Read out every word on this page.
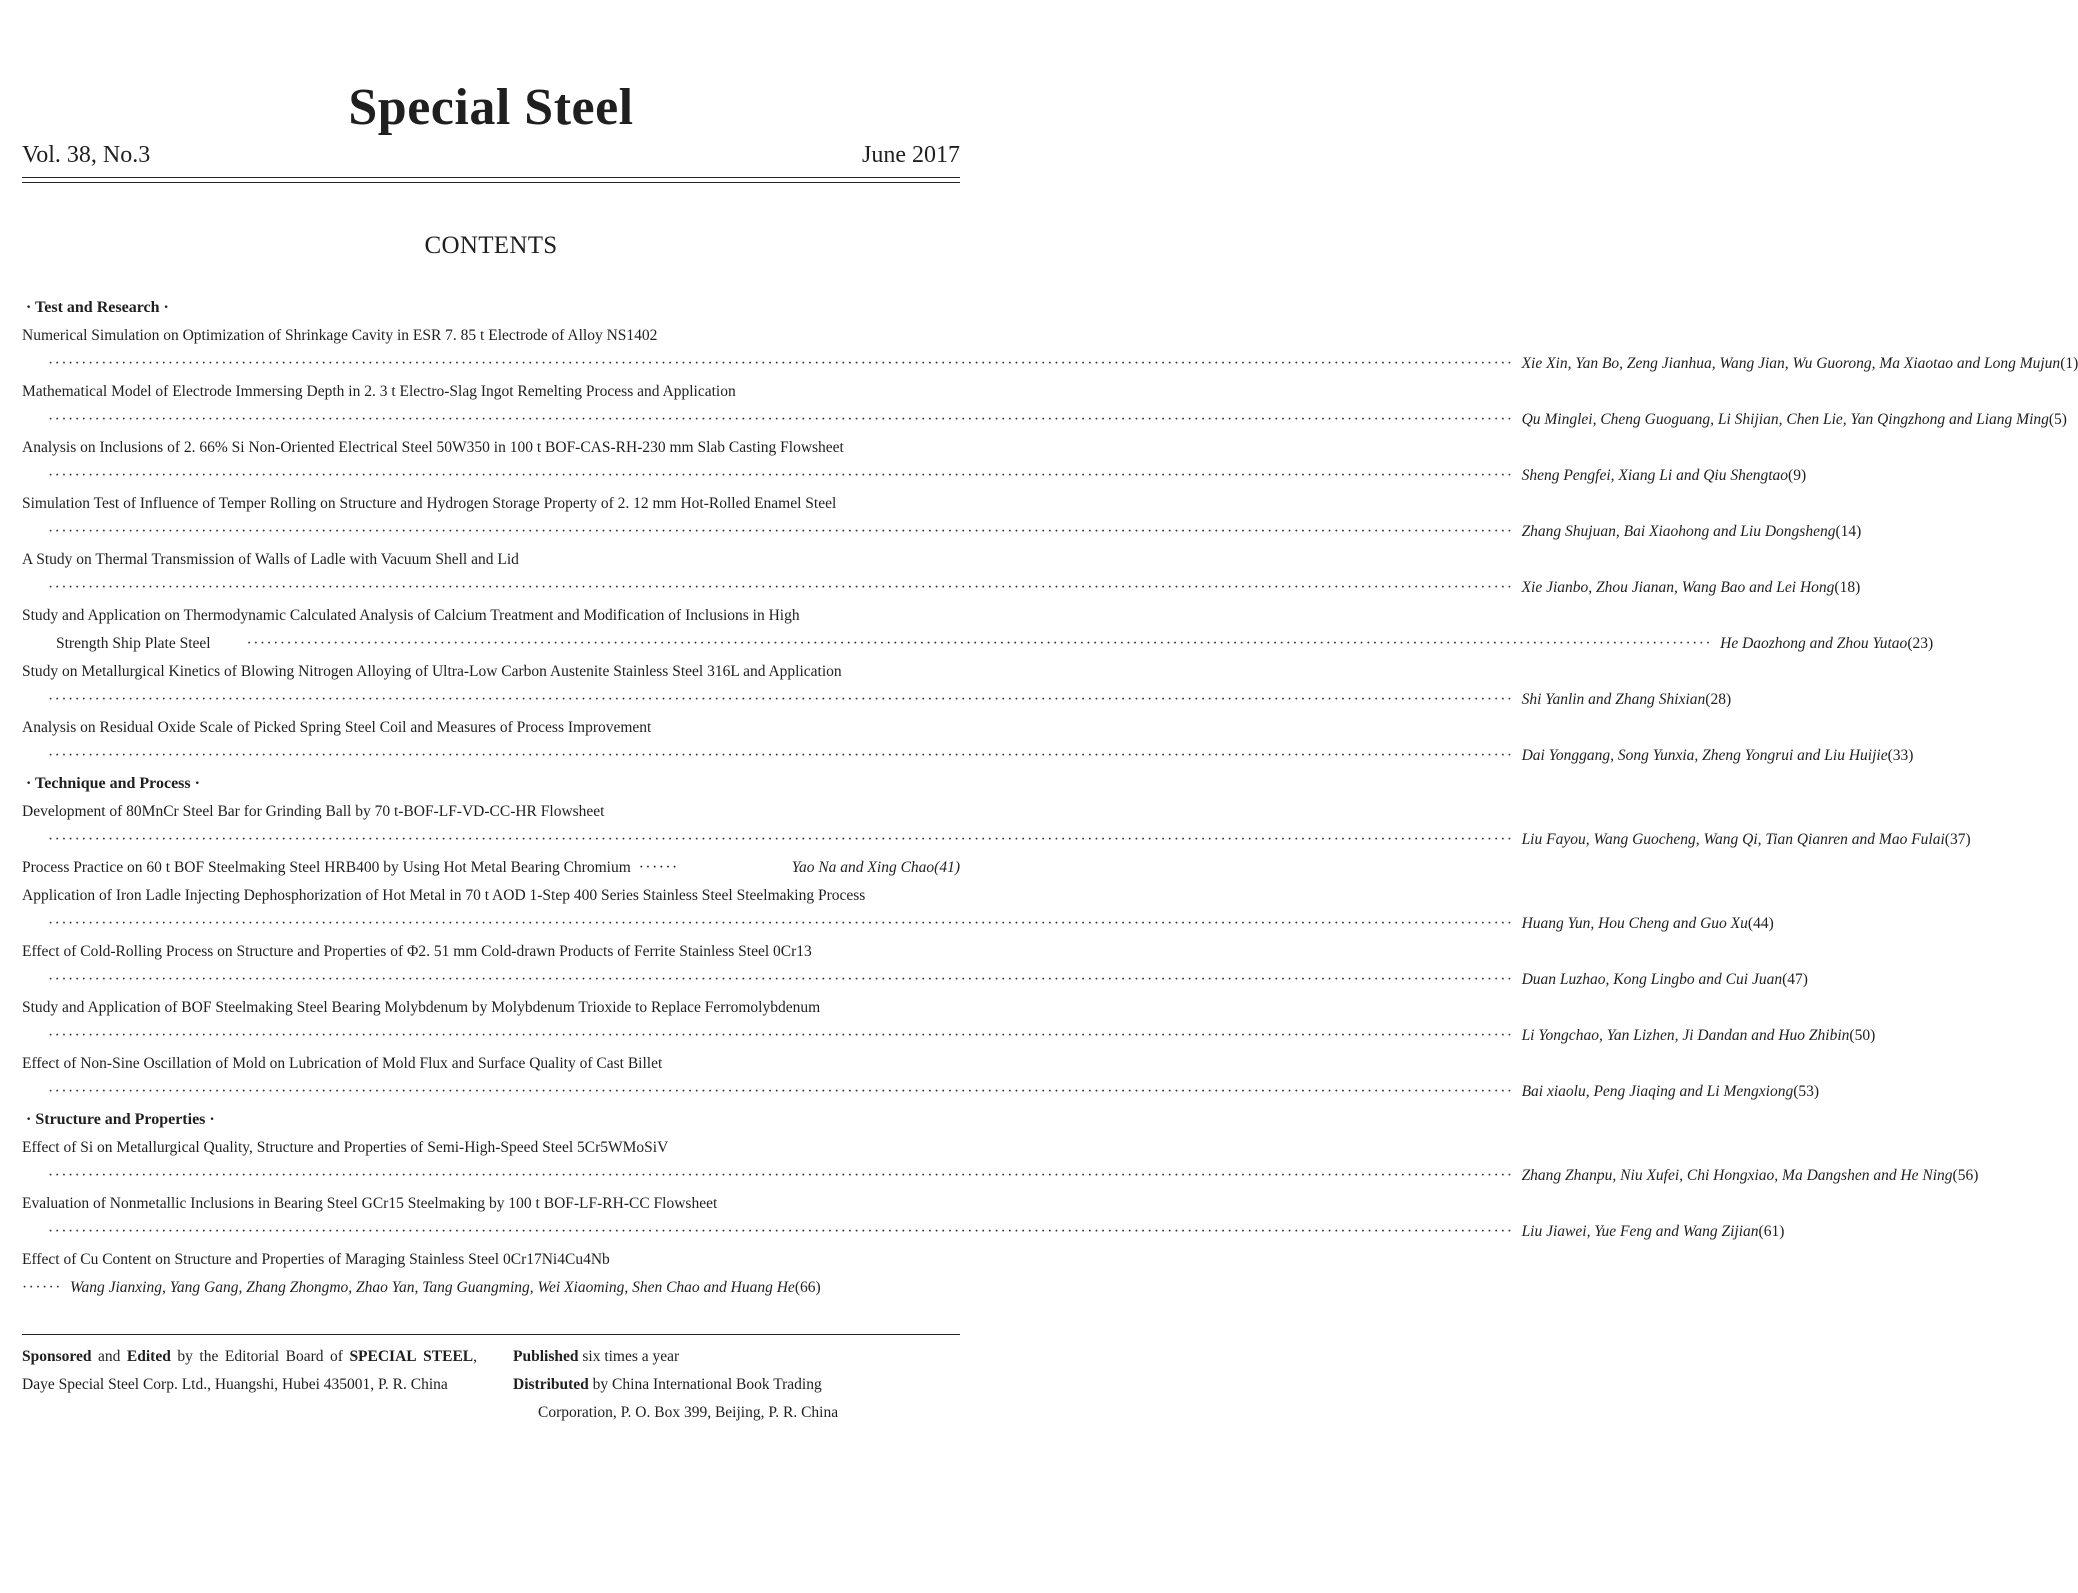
Special Steel
Vol. 38, No.3	June 2017
CONTENTS
· Test and Research ·
Numerical Simulation on Optimization of Shrinkage Cavity in ESR 7. 85 t Electrode of Alloy NS1402
···························································································································································································································· Xie Xin, Yan Bo, Zeng Jianhua, Wang Jian, Wu Guorong, Ma Xiaotao and Long Mujun(1)
Mathematical Model of Electrode Immersing Depth in 2. 3 t Electro-Slag Ingot Remelting Process and Application
···························································································································································································································· Qu Minglei, Cheng Guoguang, Li Shijian, Chen Lie, Yan Qingzhong and Liang Ming(5)
Analysis on Inclusions of 2. 66% Si Non-Oriented Electrical Steel 50W350 in 100 t BOF-CAS-RH-230 mm Slab Casting Flowsheet
···························································································································································································································· Sheng Pengfei, Xiang Li and Qiu Shengtao(9)
Simulation Test of Influence of Temper Rolling on Structure and Hydrogen Storage Property of 2. 12 mm Hot-Rolled Enamel Steel
···························································································································································································································· Zhang Shujuan, Bai Xiaohong and Liu Dongsheng(14)
A Study on Thermal Transmission of Walls of Ladle with Vacuum Shell and Lid
···························································································································································································································· Xie Jianbo, Zhou Jianan, Wang Bao and Lei Hong(18)
Study and Application on Thermodynamic Calculated Analysis of Calcium Treatment and Modification of Inclusions in High
Strength Ship Plate Steel	···························································································································································································································· He Daozhong and Zhou Yutao(23)
Study on Metallurgical Kinetics of Blowing Nitrogen Alloying of Ultra-Low Carbon Austenite Stainless Steel 316L and Application
···························································································································································································································· Shi Yanlin and Zhang Shixian(28)
Analysis on Residual Oxide Scale of Picked Spring Steel Coil and Measures of Process Improvement
···························································································································································································································· Dai Yonggang, Song Yunxia, Zheng Yongrui and Liu Huijie(33)
· Technique and Process ·
Development of 80MnCr Steel Bar for Grinding Ball by 70 t-BOF-LF-VD-CC-HR Flowsheet
···························································································································································································································· Liu Fayou, Wang Guocheng, Wang Qi, Tian Qianren and Mao Fulai(37)
Process Practice on 60 t BOF Steelmaking Steel HRB400 by Using Hot Metal Bearing Chromium ······	Yao Na and Xing Chao(41)
Application of Iron Ladle Injecting Dephosphorization of Hot Metal in 70 t AOD 1-Step 400 Series Stainless Steel Steelmaking Process
···························································································································································································································· Huang Yun, Hou Cheng and Guo Xu(44)
Effect of Cold-Rolling Process on Structure and Properties of Φ2. 51 mm Cold-drawn Products of Ferrite Stainless Steel 0Cr13
···························································································································································································································· Duan Luzhao, Kong Lingbo and Cui Juan(47)
Study and Application of BOF Steelmaking Steel Bearing Molybdenum by Molybdenum Trioxide to Replace Ferromolybdenum
···························································································································································································································· Li Yongchao, Yan Lizhen, Ji Dandan and Huo Zhibin(50)
Effect of Non-Sine Oscillation of Mold on Lubrication of Mold Flux and Surface Quality of Cast Billet
···························································································································································································································· Bai xiaolu, Peng Jiaqing and Li Mengxiong(53)
· Structure and Properties ·
Effect of Si on Metallurgical Quality, Structure and Properties of Semi-High-Speed Steel 5Cr5WMoSiV
···························································································································································································································· Zhang Zhanpu, Niu Xufei, Chi Hongxiao, Ma Dangshen and He Ning(56)
Evaluation of Nonmetallic Inclusions in Bearing Steel GCr15 Steelmaking by 100 t BOF-LF-RH-CC Flowsheet
···························································································································································································································· Liu Jiawei, Yue Feng and Wang Zijian(61)
Effect of Cu Content on Structure and Properties of Maraging Stainless Steel 0Cr17Ni4Cu4Nb
······ Wang Jianxing, Yang Gang, Zhang Zhongmo, Zhao Yan, Tang Guangming, Wei Xiaoming, Shen Chao and Huang He(66)
Sponsored and Edited by the Editorial Board of SPECIAL STEEL, Daye Special Steel Corp. Ltd., Huangshi, Hubei 435001, P. R. China
Published six times a year
Distributed by China International Book Trading
Corporation, P. O. Box 399, Beijing, P. R. China
